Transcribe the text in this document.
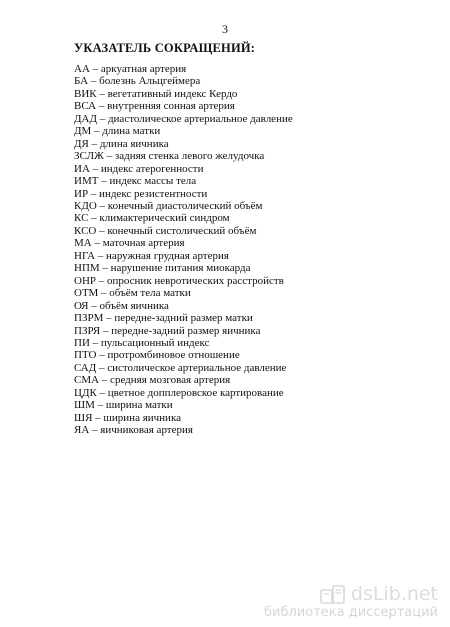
3
УКАЗАТЕЛЬ СОКРАЩЕНИЙ:
АА – аркуатная артерия
БА – болезнь Альцгеймера
ВИК – вегетативный индекс Кердо
ВСА – внутренняя сонная артерия
ДАД – диастолическое артериальное давление
ДМ – длина матки
ДЯ – длина яичника
ЗСЛЖ – задняя стенка левого желудочка
ИА – индекс атерогенности
ИМТ – индекс массы тела
ИР – индекс резистентности
КДО – конечный диастолический объём
КС – климактерический синдром
КСО – конечный систолический объём
МА – маточная артерия
НГА – наружная грудная артерия
НПМ – нарушение питания миокарда
ОНР – опросник невротических расстройств
ОТМ – объём тела матки
ОЯ – объём яичника
ПЗРМ – передне-задний размер матки
ПЗРЯ – передне-задний размер яичника
ПИ – пульсационный индекс
ПТО – протромбиновое отношение
САД – систолическое артериальное давление
СМА – средняя мозговая артерия
ЦДК – цветное допплеровское картирование
ШМ – ширина матки
ШЯ – ширина яичника
ЯА – яичниковая артерия
dsLib.net
библиотека диссертаций
